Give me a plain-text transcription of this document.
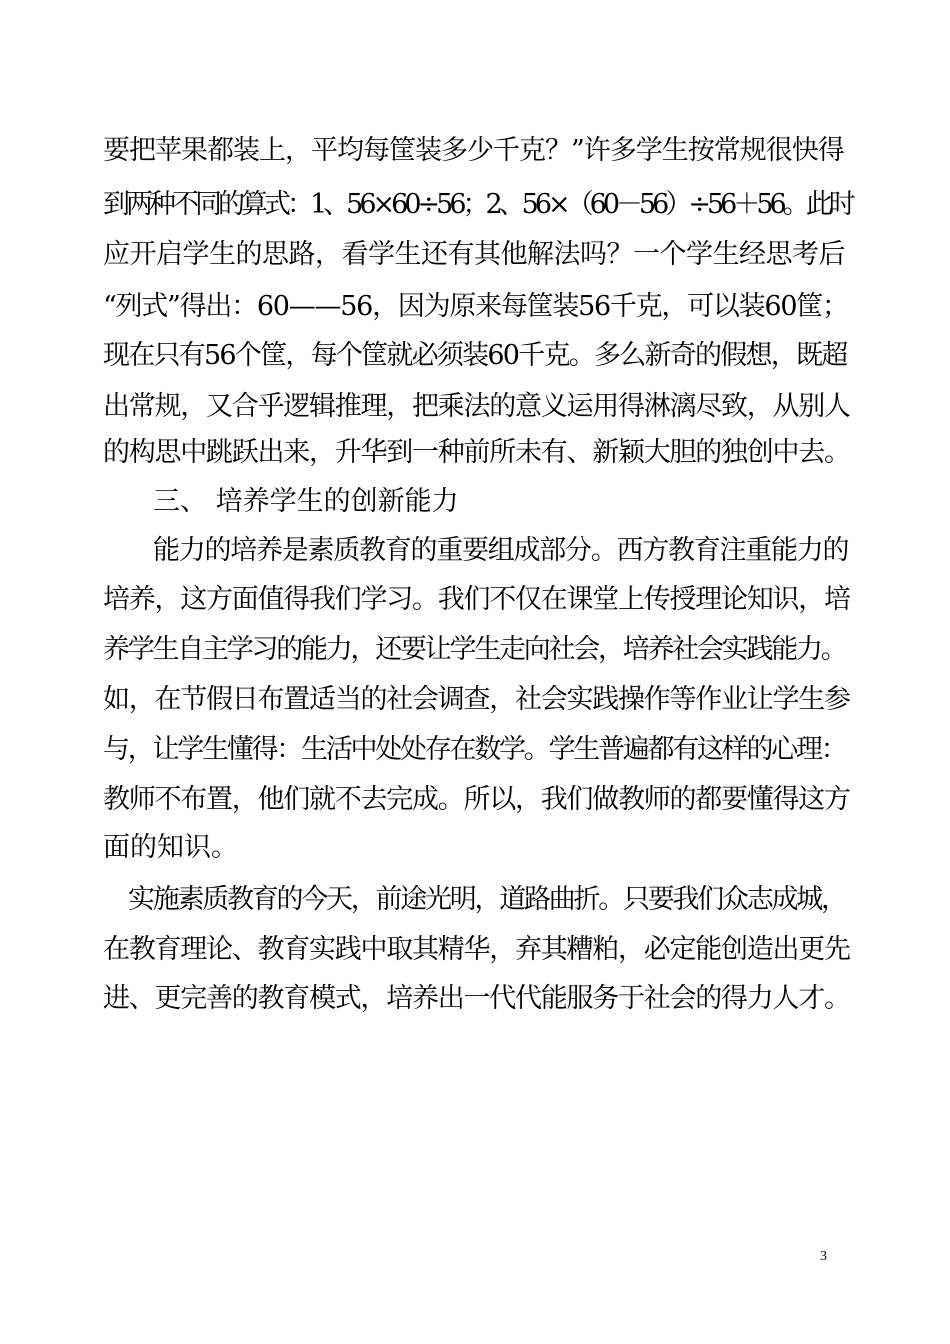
要把苹果都装上，平均每筐装多少千克？”许多学生按常规很快得
到两种不同的算式：1、56×60÷56；2、56×（60－56）÷56＋56。此时
应开启学生的思路，看学生还有其他解法吗？一个学生经思考后
“列式”得出：60——56，因为原来每筐装56千克，可以装60筐；
现在只有56个筐，每个筐就必须装60千克。多么新奇的假想，既超
出常规，又合乎逻辑推理，把乘法的意义运用得淋漓尽致，从别人
的构思中跳跃出来，升华到一种前所未有、新颖大胆的独创中去。
三、 培养学生的创新能力
能力的培养是素质教育的重要组成部分。西方教育注重能力的
培养，这方面值得我们学习。我们不仅在课堂上传授理论知识，培
养学生自主学习的能力，还要让学生走向社会，培养社会实践能力。
如，在节假日布置适当的社会调查，社会实践操作等作业让学生参
与，让学生懂得：生活中处处存在数学。学生普遍都有这样的心理：
教师不布置，他们就不去完成。所以，我们做教师的都要懂得这方
面的知识。
实施素质教育的今天，前途光明，道路曲折。只要我们众志成城，
在教育理论、教育实践中取其精华，弃其糟粕，必定能创造出更先
进、更完善的教育模式，培养出一代代能服务于社会的得力人才。
3
